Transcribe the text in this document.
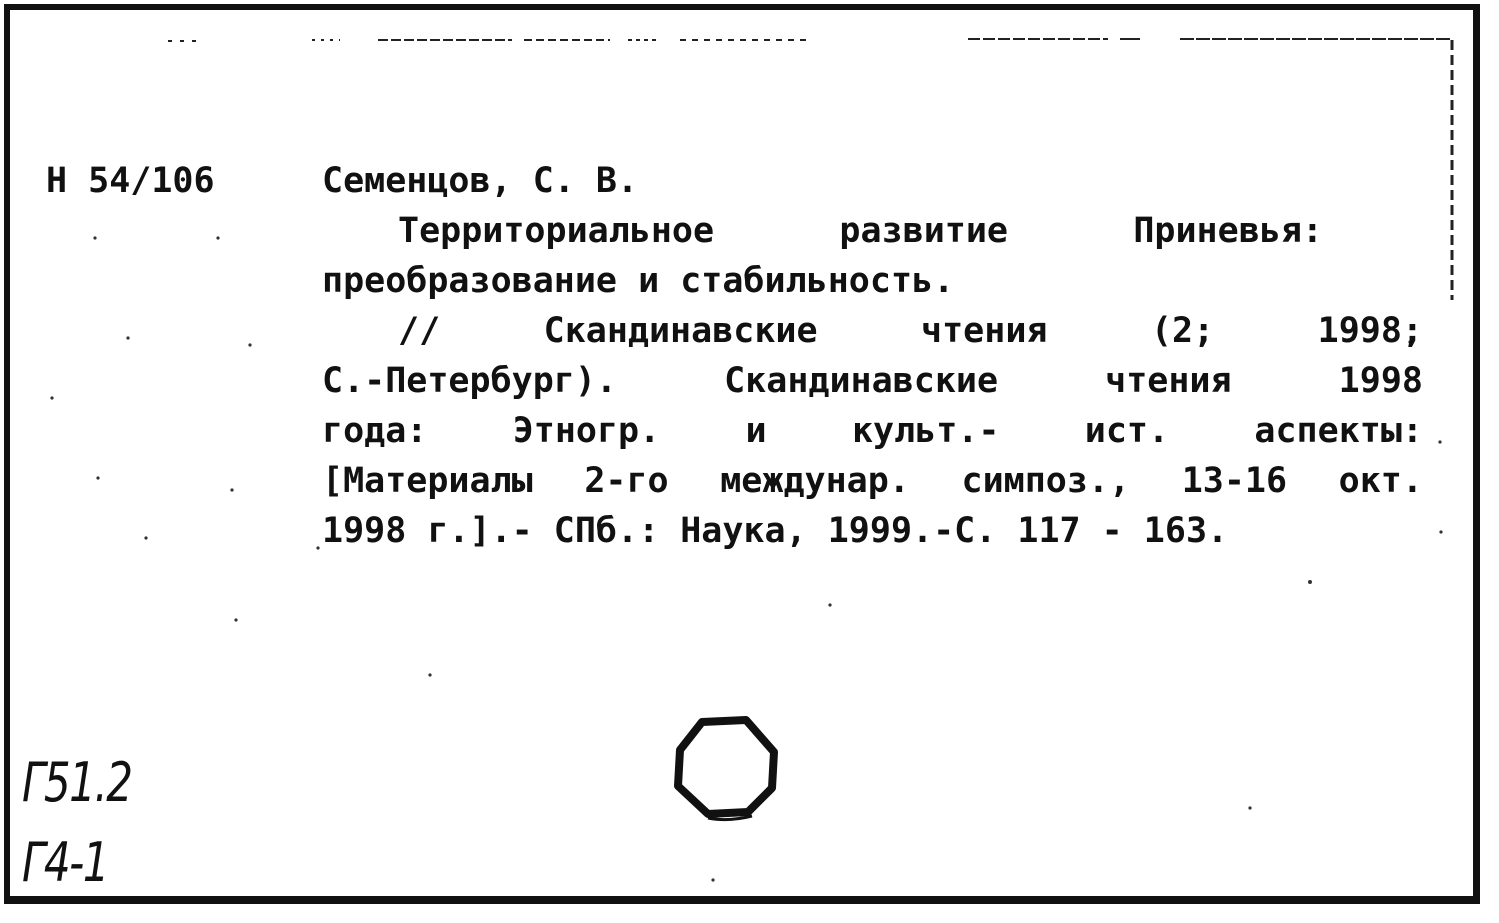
Н 54/106	Семенцов, С. В.
Территориальное	развитие	Приневья:
преобразование и стабильность.
//	Скандинавские	чтения	(2;	1998;
С.-Петербург).	Скандинавские	чтения	1998
года: Этногр. и культ.- ист. аспекты:
[Материалы 2-го междунар. симпоз., 13-16 окт.
1998 г.].- СПб.: Наука, 1999.-С. 117 - 163.
Г51.2
Г4-1
